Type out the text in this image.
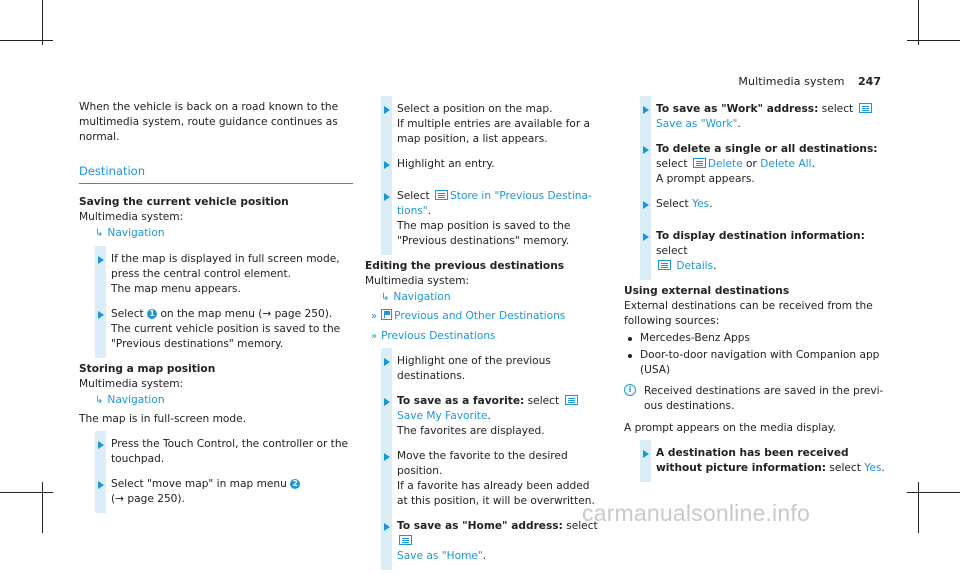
Multimedia system 247

When the vehicle is back on a road known to the multimedia system, route guidance continues as normal.

Destination
Saving the current vehicle position
Multimedia system:
↳ Navigation
If the map is displayed in full screen mode, press the central control element.
The map menu appears.
Select 1 on the map menu (→ page 250).
The current vehicle position is saved to the "Previous destinations" memory.
Storing a map position
Multimedia system:
↳ Navigation
The map is in full-screen mode.
Press the Touch Control, the controller or the touchpad.
Select "move map" in map menu 2
(→ page 250).
Select a position on the map.
If multiple entries are available for a map position, a list appears.
Highlight an entry.
Select Store in "Previous Destina- tions".
The map position is saved to the "Previous destinations" memory.
Editing the previous destinations
Multimedia system:
↳ Navigation
» Previous and Other Destinations
» Previous Destinations
Highlight one of the previous destinations.
To save as a favorite: select Save My Favorite.
The favorites are displayed.
Move the favorite to the desired position.
If a favorite has already been added at this position, it will be overwritten.
To save as "Home" address: select
Save as "Home".
To save as "Work" address: select
Save as "Work".
To delete a single or all destinations:
select Delete or Delete All.
A prompt appears.
Select Yes.
To display destination information: select
Details.
Using external destinations
External destinations can be received from the following sources:
Mercedes-Benz Apps
Door-to-door navigation with Companion app (USA)
i	Received destinations are saved in the previ- ous destinations.
A prompt appears on the media display.
A destination has been received without picture information: select Yes.
carmanualsonline.info
